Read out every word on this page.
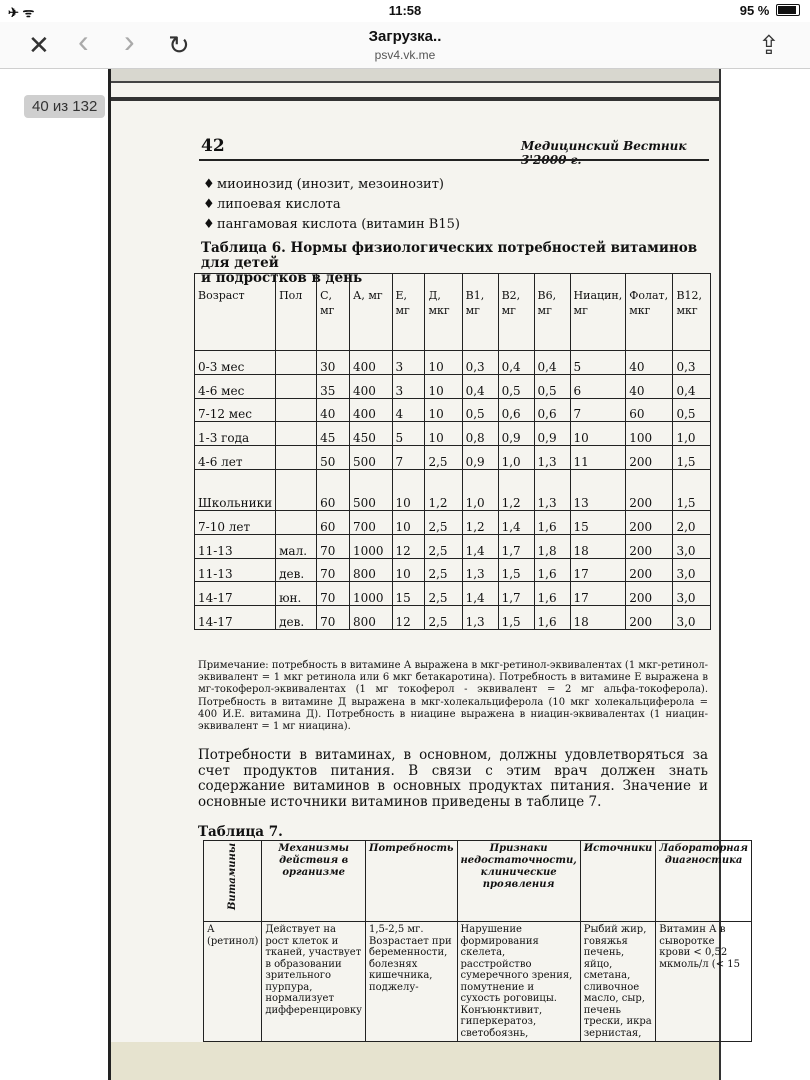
✈ ᯤ	11:58	95 %
✕ ‹ › ↻	Загрузка..
psv4.vk.me	⇪
40 из 132
42	Медицинский Вестник
♦ миоинозид (инозит, мезоинозит)
♦ липоевая кислота
♦ пангамовая кислота (витамин B15)
Таблица 6. Нормы физиологических потребностей витаминов для детей
и подростков в день
Возраст	Пол	С, мг	А, мг	Е, мг	Д, мкг	B1, мг	B2, мг	B6, мг	Ниацин, мг	Фолат, мкг	B12, мкг
0-3 мес		30	400	3	10	0,3	0,4	0,4	5	40	0,3
4-6 мес		35	400	3	10	0,4	0,5	0,5	6	40	0,4
7-12 мес		40	400	4	10	0,5	0,6	0,6	7	60	0,5
1-3 года		45	450	5	10	0,8	0,9	0,9	10	100	1,0
4-6 лет		50	500	7	2,5	0,9	1,0	1,3	11	200	1,5
Школьники		60	500	10	1,2	1,0	1,2	1,3	13	200	1,5
7-10 лет		60	700	10	2,5	1,2	1,4	1,6	15	200	2,0
11-13	мал.	70	1000	12	2,5	1,4	1,7	1,8	18	200	3,0
11-13	дев.	70	800	10	2,5	1,3	1,5	1,6	17	200	3,0
14-17	юн.	70	1000	15	2,5	1,4	1,7	1,6	17	200	3,0
14-17	дев.	70	800	12	2,5	1,3	1,5	1,6	18	200	3,0
Примечание: потребность в витамине А выражена в мкг-ретинол-эквивалентах (1 мкг-ретинол-эквивалент = 1 мкг ретинола или 6 мкг бетакаротина). Потребность в витамине Е выражена в мг-токоферол-эквивалентах (1 мг токоферол - эквивалент = 2 мг альфа-токоферола). Потребность в витамине Д выражена в мкг-холекальциферола (10 мкг холекальциферола = 400 И.Е. витамина Д). Потребность в ниацине выражена в ниацин-эквивалентах (1 ниацин-эквивалент = 1 мг ниацина).
Потребности в витаминах, в основном, должны удовлетворяться за счет продуктов питания. В связи с этим врач должен знать содержание витаминов в основных продуктах питания. Значение и основные источники витаминов приведены в таблице 7.
Таблица 7.
Витамины	Механизмы действия в организме	Потребность	Признаки недостаточности, клинические проявления	Источники	Лабораторная диагностика
А (ретинол)	Действует на рост клеток и тканей, участвует в образовании зрительного пурпура, нормализует дифференцировку	1,5-2,5 мг. Возрастает при беременности, болезнях кишечника, поджелу-	Нарушение формирования скелета, расстройство сумеречного зрения, помутнение и сухость роговицы. Конъюнктивит, гиперкератоз, светобоязнь,	Рыбий жир, говяжья печень, яйцо, сметана, сливочное масло, сыр, печень трески, икра зернистая,	Витамин А в сыворотке крови < 0,52 мкмоль/л (< 15
